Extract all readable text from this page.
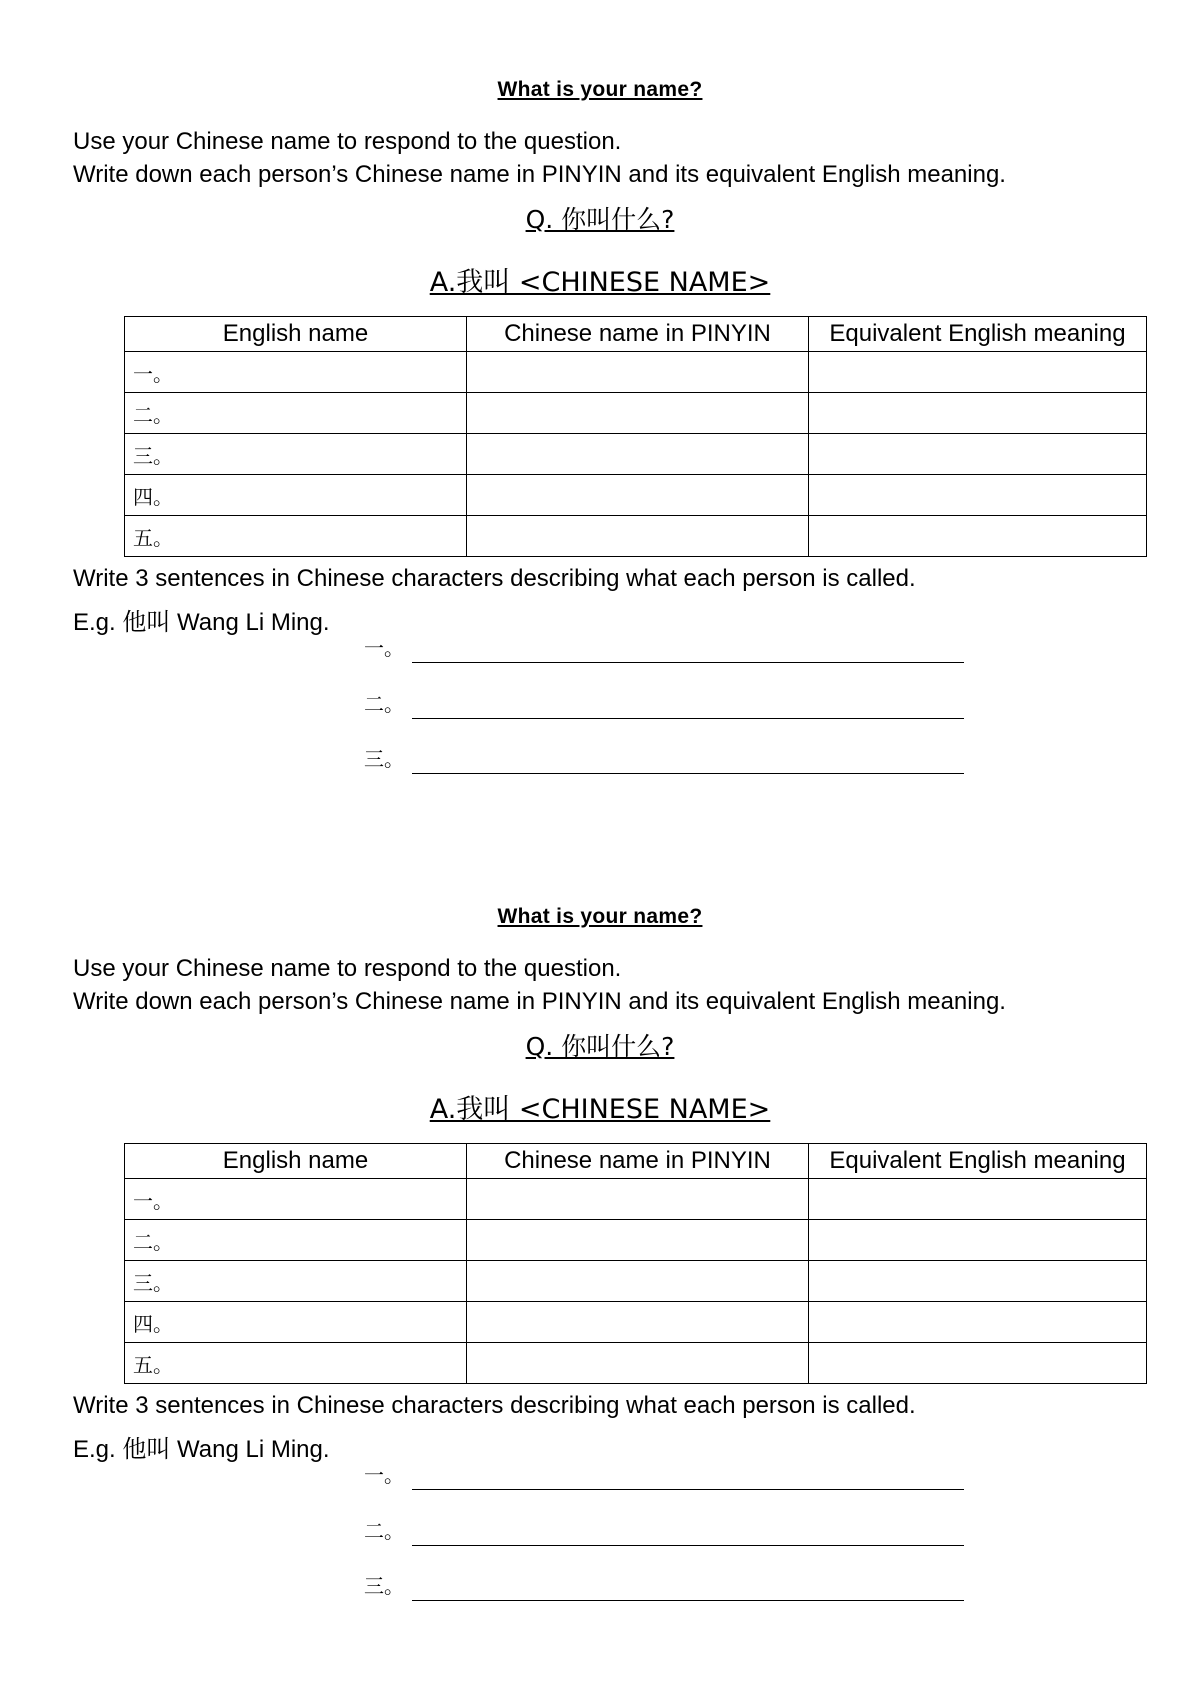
What is your name?
Use your Chinese name to respond to the question.
Write down each person’s Chinese name in PINYIN and its equivalent English meaning.
Q. 你叫什么?
A.我叫 <CHINESE NAME>
English name	Chinese name in PINYIN	Equivalent English meaning
一。		
二。		
三。		
四。		
五。		
Write 3 sentences in Chinese characters describing what each person is called.
E.g. 他叫 Wang Li Ming.
一。
二。
三。
What is your name?
Use your Chinese name to respond to the question.
Write down each person’s Chinese name in PINYIN and its equivalent English meaning.
Q. 你叫什么?
A.我叫 <CHINESE NAME>
English name	Chinese name in PINYIN	Equivalent English meaning
一。		
二。		
三。		
四。		
五。		
Write 3 sentences in Chinese characters describing what each person is called.
E.g. 他叫 Wang Li Ming.
一。
二。
三。
